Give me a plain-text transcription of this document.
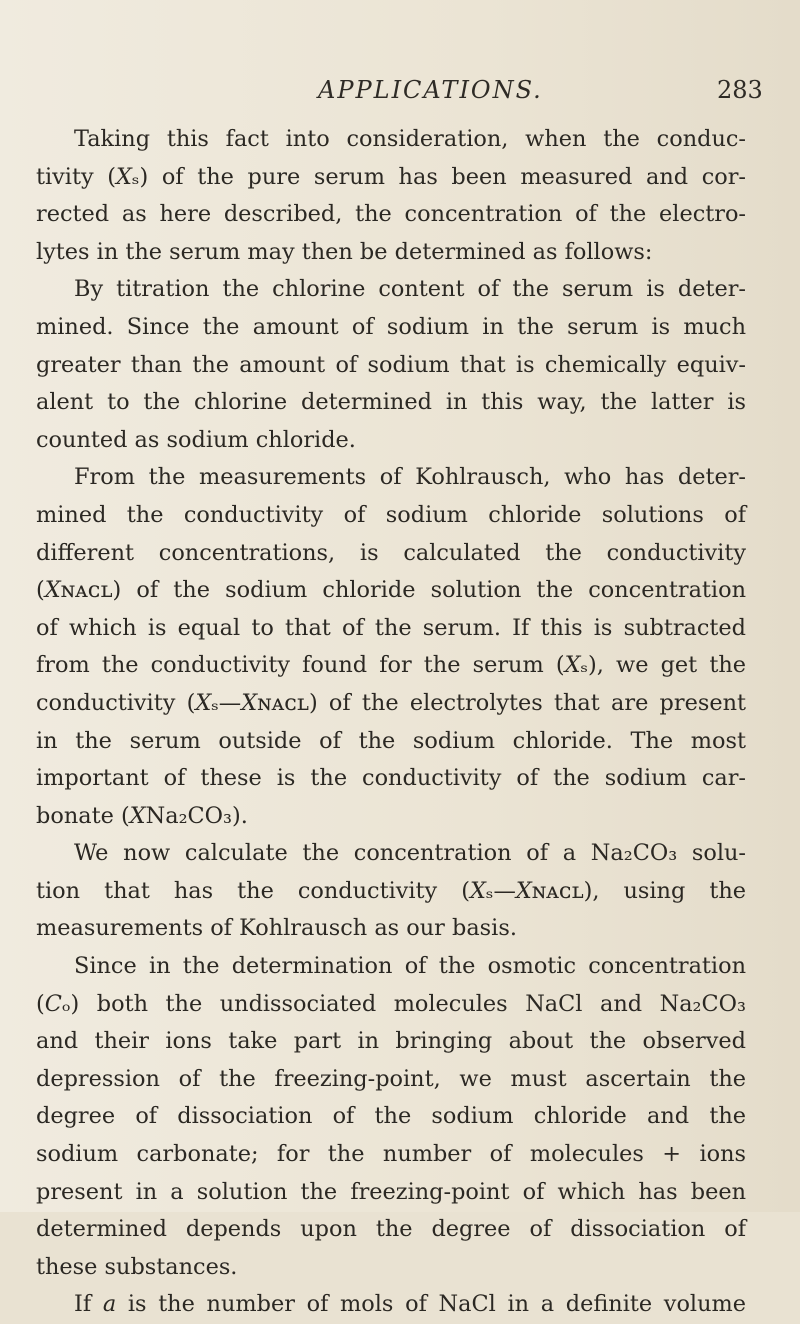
APPLICATIONS.	283
Taking this fact into consideration, when the conduc-
tivity (𝑋ₛ) of the pure serum has been measured and cor-
rected as here described, the concentration of the electro-
lytes in the serum may then be determined as follows:
By titration the chlorine content of the serum is deter-
mined. Since the amount of sodium in the serum is much
greater than the amount of sodium that is chemically equiv-
alent to the chlorine determined in this way, the latter is
counted as sodium chloride.
From the measurements of Kohlrausch, who has deter-
mined the conductivity of sodium chloride solutions of
different concentrations, is calculated the conductivity
(𝑋ɴᴀᴄʟ) of the sodium chloride solution the concentration
of which is equal to that of the serum. If this is subtracted
from the conductivity found for the serum (𝑋ₛ), we get the
conductivity (𝑋ₛ—𝑋ɴᴀᴄʟ) of the electrolytes that are present
in the serum outside of the sodium chloride. The most
important of these is the conductivity of the sodium car-
bonate (𝑋Na₂CO₃).
We now calculate the concentration of a Na₂CO₃ solu-
tion that has the conductivity (𝑋ₛ—𝑋ɴᴀᴄʟ), using the
measurements of Kohlrausch as our basis.
Since in the determination of the osmotic concentration
(𝐶ₒ) both the undissociated molecules NaCl and Na₂CO₃
and their ions take part in bringing about the observed
depression of the freezing-point, we must ascertain the
degree of dissociation of the sodium chloride and the
sodium carbonate; for the number of molecules + ions
present in a solution the freezing-point of which has been
determined depends upon the degree of dissociation of
these substances.
If 𝑎 is the number of mols of NaCl in a definite volume
